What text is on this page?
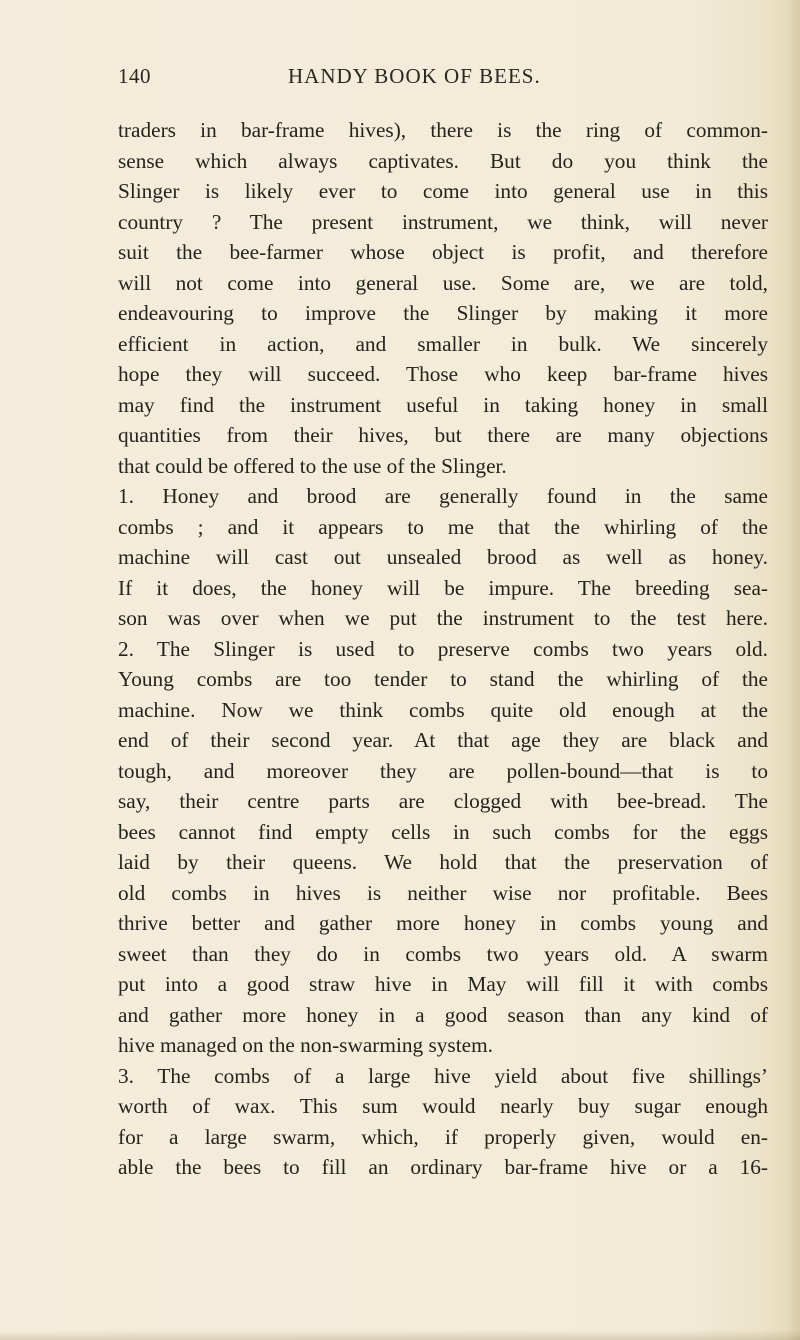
140	HANDY BOOK OF BEES.
traders in bar-frame hives), there is the ring of common-
sense which always captivates. But do you think the
Slinger is likely ever to come into general use in this
country ? The present instrument, we think, will never
suit the bee-farmer whose object is profit, and therefore
will not come into general use. Some are, we are told,
endeavouring to improve the Slinger by making it more
efficient in action, and smaller in bulk. We sincerely
hope they will succeed. Those who keep bar-frame hives
may find the instrument useful in taking honey in small
quantities from their hives, but there are many objections
that could be offered to the use of the Slinger.
1. Honey and brood are generally found in the same
combs ; and it appears to me that the whirling of the
machine will cast out unsealed brood as well as honey.
If it does, the honey will be impure. The breeding sea-
son was over when we put the instrument to the test here.
2. The Slinger is used to preserve combs two years old.
Young combs are too tender to stand the whirling of the
machine. Now we think combs quite old enough at the
end of their second year. At that age they are black and
tough, and moreover they are pollen-bound—that is to
say, their centre parts are clogged with bee-bread. The
bees cannot find empty cells in such combs for the eggs
laid by their queens. We hold that the preservation of
old combs in hives is neither wise nor profitable. Bees
thrive better and gather more honey in combs young and
sweet than they do in combs two years old. A swarm
put into a good straw hive in May will fill it with combs
and gather more honey in a good season than any kind of
hive managed on the non-swarming system.
3. The combs of a large hive yield about five shillings’
worth of wax. This sum would nearly buy sugar enough
for a large swarm, which, if properly given, would en-
able the bees to fill an ordinary bar-frame hive or a 16-
